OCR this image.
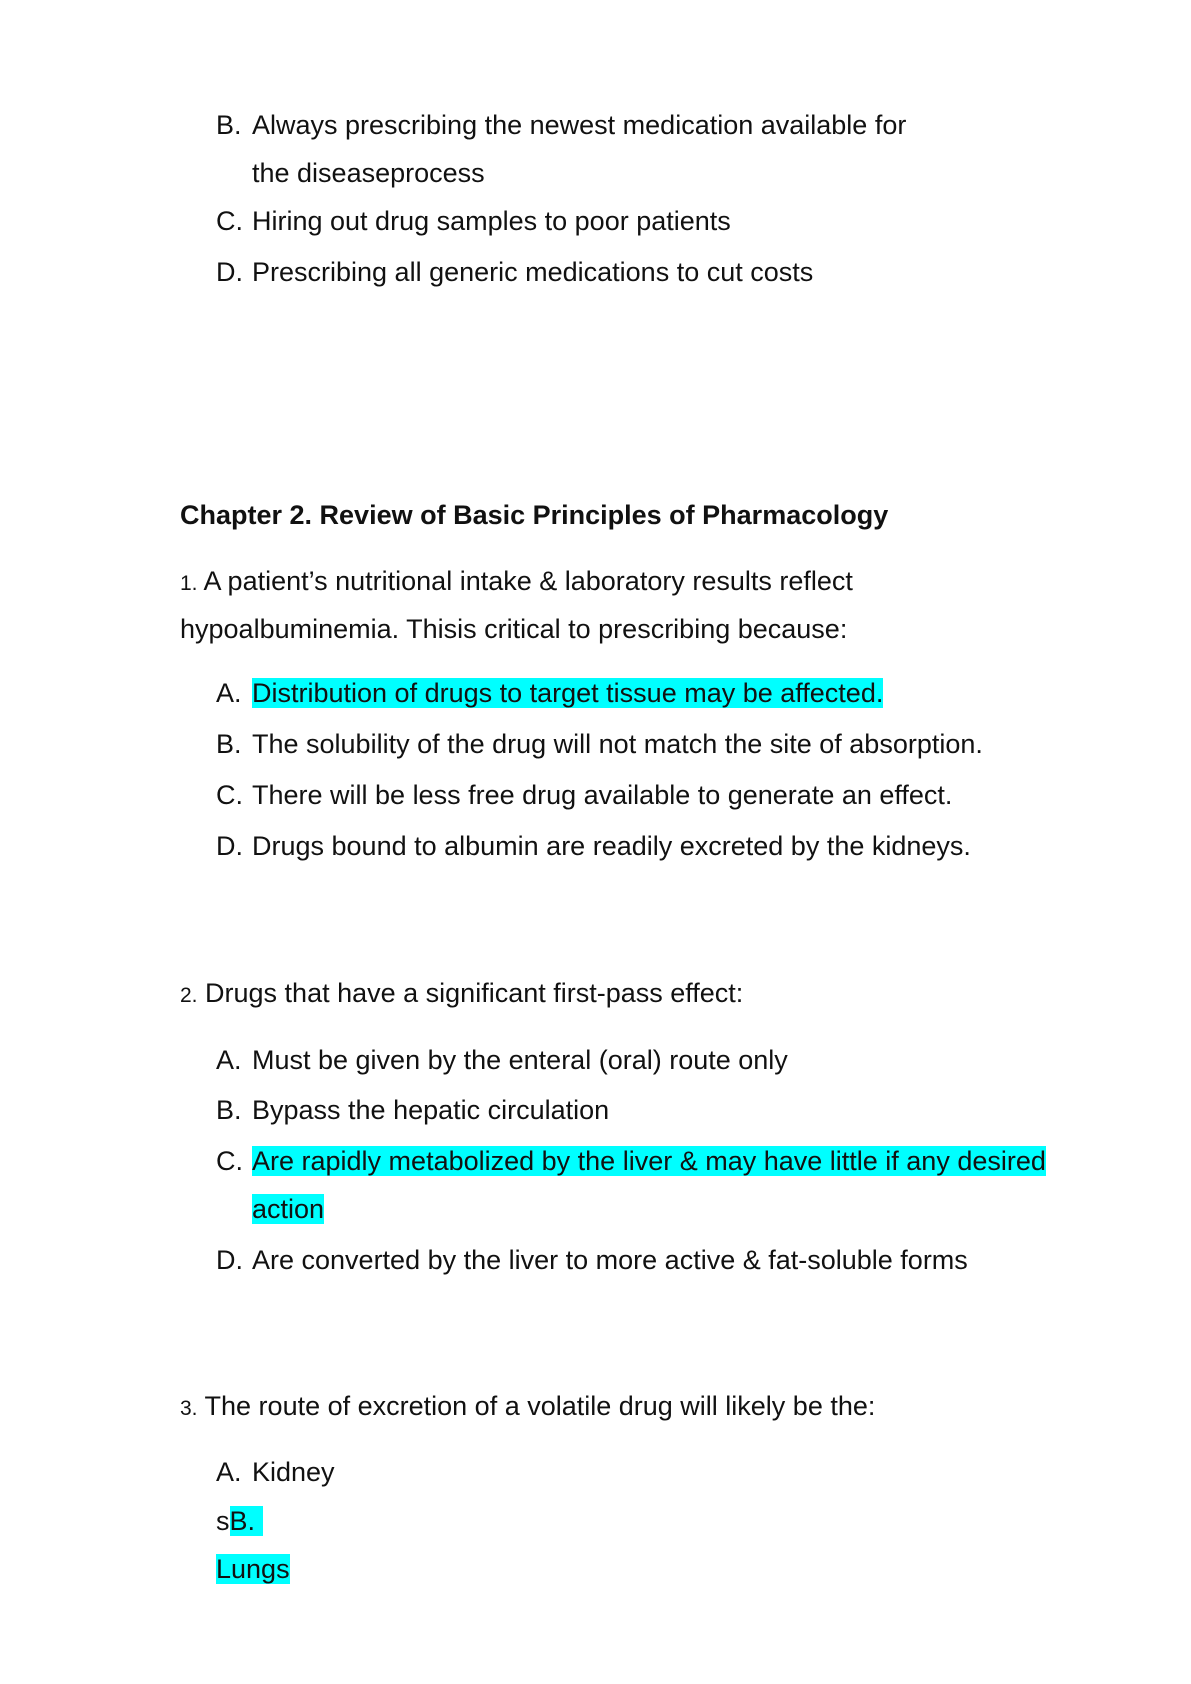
B. Always prescribing the newest medication available for
the diseaseprocess
C. Hiring out drug samples to poor patients
D. Prescribing all generic medications to cut costs
Chapter 2. Review of Basic Principles of Pharmacology
1. A patient’s nutritional intake & laboratory results reflect
hypoalbuminemia. Thisis critical to prescribing because:
A. Distribution of drugs to target tissue may be affected.
B. The solubility of the drug will not match the site of absorption.
C. There will be less free drug available to generate an effect.
D. Drugs bound to albumin are readily excreted by the kidneys.
2. Drugs that have a significant first-pass effect:
A. Must be given by the enteral (oral) route only
B. Bypass the hepatic circulation
C. Are rapidly metabolized by the liver & may have little if any desired
action
D. Are converted by the liver to more active & fat-soluble forms
3. The route of excretion of a volatile drug will likely be the:
A. Kidney
sB.
Lungs
